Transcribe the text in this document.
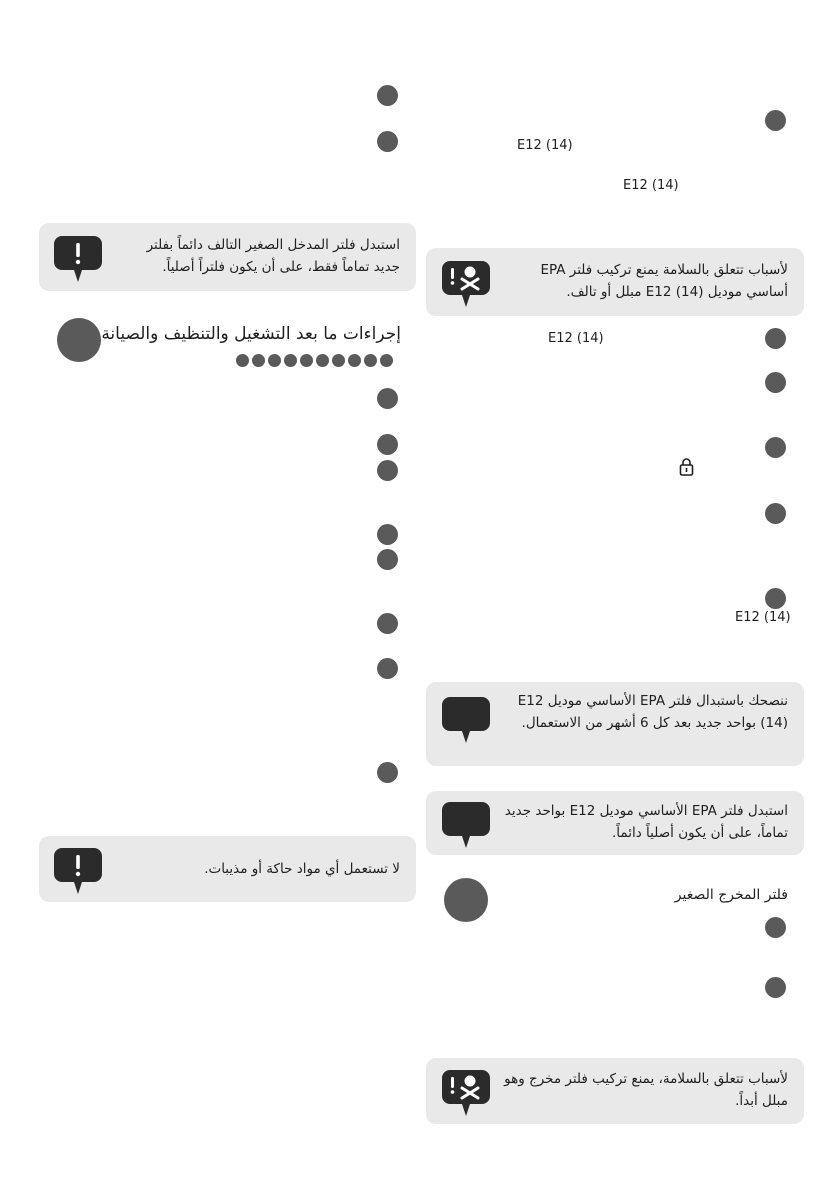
استبدل فلتر المدخل الصغير التالف دائماً بفلتر جديد تماماً فقط، على أن يكون فلتراً أصلياً.
إجراءات ما بعد التشغيل والتنظيف والصيانة
لا تستعمل أي مواد حاكة أو مذيبات.
E12 (14)
E12 (14)
لأسباب تتعلق بالسلامة يمنع تركيب فلتر EPA أساسي موديل E12 (14) مبلل أو تالف.
E12 (14)
E12 (14)
ننصحك باستبدال فلتر EPA الأساسي موديل E12 (14) بواحد جديد بعد كل 6 أشهر من الاستعمال.
استبدل فلتر EPA الأساسي موديل E12 بواحد جديد تماماً، على أن يكون أصلياً دائماً.
فلتر المخرج الصغير
لأسباب تتعلق بالسلامة، يمنع تركيب فلتر مخرج وهو مبلل أبداً.
